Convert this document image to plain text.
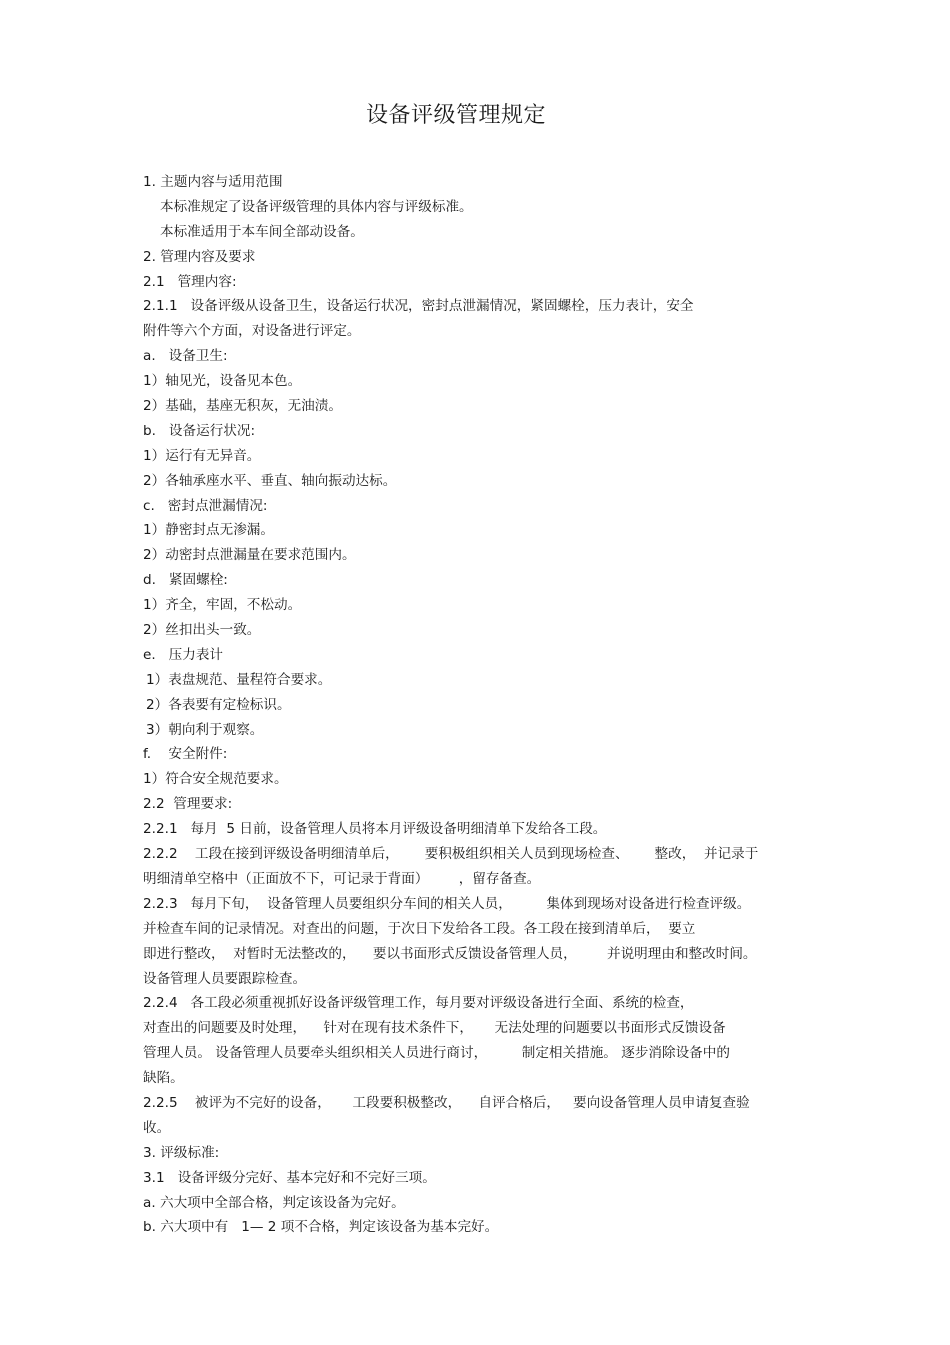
设备评级管理规定
1. 主题内容与适用范围
本标准规定了设备评级管理的具体内容与评级标准。
本标准适用于本车间全部动设备。
2. 管理内容及要求
2.1   管理内容:
2.1.1   设备评级从设备卫生，设备运行状况，密封点泄漏情况，紧固螺栓，压力表计，安全
附件等六个方面，对设备进行评定。
a.   设备卫生:
1）轴见光，设备见本色。
2）基础，基座无积灰，无油渍。
b.   设备运行状况:
1）运行有无异音。
2）各轴承座水平、垂直、轴向振动达标。
c.   密封点泄漏情况:
1）静密封点无渗漏。
2）动密封点泄漏量在要求范围内。
d.   紧固螺栓:
1）齐全，牢固，不松动。
2）丝扣出头一致。
e.   压力表计
1）表盘规范、量程符合要求。
2）各表要有定检标识。
3）朝向利于观察。
f.    安全附件:
1）符合安全规范要求。
2.2  管理要求:
2.2.1   每月  5 日前，设备管理人员将本月评级设备明细清单下发给各工段。
2.2.2    工段在接到评级设备明细清单后，      要积极组织相关人员到现场检查、      整改，  并记录于
明细清单空格中（正面放不下，可记录于背面）       ，留存备查。
2.2.3   每月下旬，  设备管理人员要组织分车间的相关人员，        集体到现场对设备进行检查评级。
并检查车间的记录情况。对查出的问题，于次日下发给各工段。各工段在接到清单后，  要立
即进行整改，  对暂时无法整改的，    要以书面形式反馈设备管理人员，       并说明理由和整改时间。
设备管理人员要跟踪检查。
2.2.4   各工段必须重视抓好设备评级管理工作，每月要对评级设备进行全面、系统的检查，
对查出的问题要及时处理，    针对在现有技术条件下，     无法处理的问题要以书面形式反馈设备
管理人员。 设备管理人员要牵头组织相关人员进行商讨，        制定相关措施。 逐步消除设备中的
缺陷。
2.2.5    被评为不完好的设备，     工段要积极整改，    自评合格后，   要向设备管理人员申请复查验
收。
3. 评级标准:
3.1   设备评级分完好、基本完好和不完好三项。
a. 六大项中全部合格，判定该设备为完好。
b. 六大项中有   1— 2 项不合格，判定该设备为基本完好。
